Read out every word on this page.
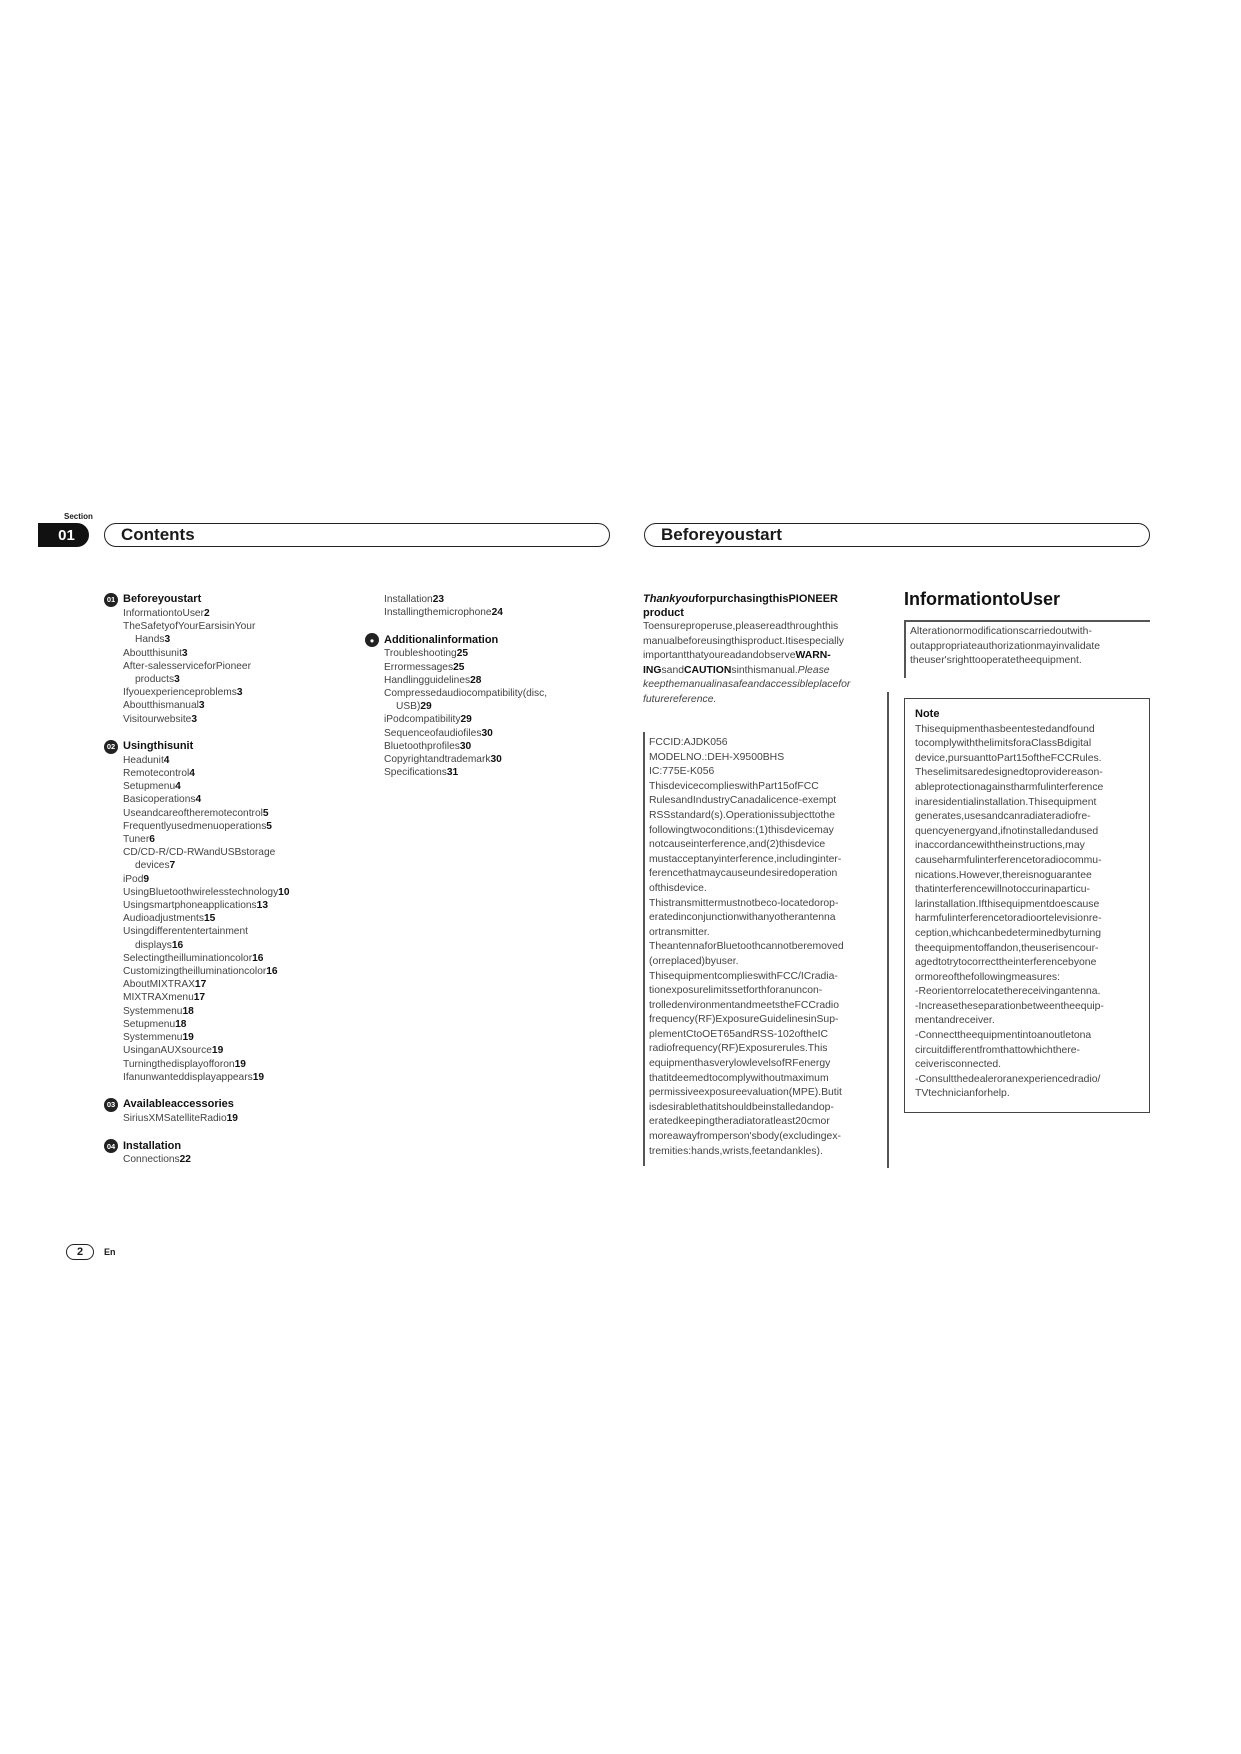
Section
01	Contents	Beforeyoustart
01 Beforeyoustart
InformationtoUser2
TheSafetyofYourEarsisinYour
Hands3
Aboutthisunit3
After-salesserviceforPioneer
products3
Ifyouexperienceproblems3
Aboutthismanual3
Visitourwebsite3
02 Usingthisunit
Headunit4
Remotecontrol4
Setupmenu4
Basicoperations4
Useandcareoftheremotecontrol5
Frequentlyusedmenuoperations5
Tuner6
CD/CD-R/CD-RWandUSBstorage
devices7
iPod9
UsingBluetoothwirelesstechnology10
Usingsmartphoneapplications13
Audioadjustments15
Usingdifferententertainment
displays16
Selectingtheilluminationcolor16
Customizingtheilluminationcolor16
AboutMIXTRAX17
MIXTRAXmenu17
Systemmenu18
Setupmenu18
Systemmenu19
UsinganAUXsource19
Turningthedisplayofforon19
Ifanunwanteddisplayappears19
03 Availableaccessories
SiriusXMSatelliteRadio19
04 Installation
Connections22
Installation23
Installingthemicrophone24
● Additionalinformation
Troubleshooting25
Errormessages25
Handlingguidelines28
Compressedaudiocompatibility(disc,
USB)29
iPodcompatibility29
Sequenceofaudiofiles30
Bluetoothprofiles30
Copyrightandtrademark30
Specifications31
ThankyouforpurchasingthisPIONEER product
Toensureproperuse,pleasereadthroughthis manualbeforeusingthisproduct.Itisespecially importantthatyoureadandobserveWARN-INGsandCAUTIONsinthismanual.Please keepthemanualinasafeandaccessibleplacefor futurereference.
FCCID:AJDK056
MODELNO.:DEH-X9500BHS
IC:775E-K056
ThisdevicecomplieswithPart15ofFCC RulesandIndustryCanadalicence-exempt RSSstandard(s).Operationissubjecttothe followingtwoconditions:(1)thisdevicemay notcauseinterference,and(2)thisdevice mustacceptanyinterference,includinginter-ferencethatmaycauseundesiredoperation ofthisdevice.
Thistransmittermustnotbeco-locatedorop-eratedinconjunctionwithanyotherantenna ortransmitter.
TheantennaforBluetoothcannotberemoved (orreplaced)byuser.
ThisequipmentcomplieswithFCC/ICradia-tionexposurelimitssetforthforanuncon-trolledenvironmentandmeetstheFCCradio frequency(RF)ExposureGuidelinesinSup-plementCtoOET65andRSS-102oftheIC radiofrequency(RF)Exposurerules.This equipmenthasverylowlevelsofRFenergy thatitdeemedtocomplywithoutmaximum permissiveexposureevaluation(MPE).Butit isdesirablethatitshouldbeinstalledandop-eratedkeepingtheradiatoratleast20cmor moreawayfromperson'sbody(excludingex-tremities:hands,wrists,feetandankles).
InformationtoUser
Alterationormodificationscarriedoutwith-outappropriateauthorizationmayinvalidate theuser'srighttooperatetheequipment.
Note
Thisequipmenthasbeentestedandfound tocomplywiththelimitsforaClassBdigital device,pursuanttoPart15oftheFCCRules. Theselimitsaredesignedtoprovidereason-ableprotectionagainstharmfulinterference inaresidentialinstallation.Thisequipment generates,usesandcanradiateradiofre-quencyenergyand,ifnotinstalledandused inaccordancewiththeinstructions,may causeharmfulinterferencetoradiocommu-nications.However,thereisnoguarantee thatinterferencewillnotoccurinaparticu-larinstallation.Ifthisequipmentdoescause harmfulinterferencetoradioortelevisionre-ception,whichcanbedeterminedbyturning theequipmentoffandon,theuserisencour-agedtotrytocorrecttheinterferencebyone ormoreofthefollowingmeasures:
-Reorientorrelocatethereceivingantenna.
-Increasetheseparationbetweentheequip-mentandreceiver.
-Connecttheequipmentintoanoutletona circuitdifferentfromthattowhichthere-ceiverisconnected.
-Consultthedealeroranexperiencedradio/ TVtechnicianforhelp.
2	En
